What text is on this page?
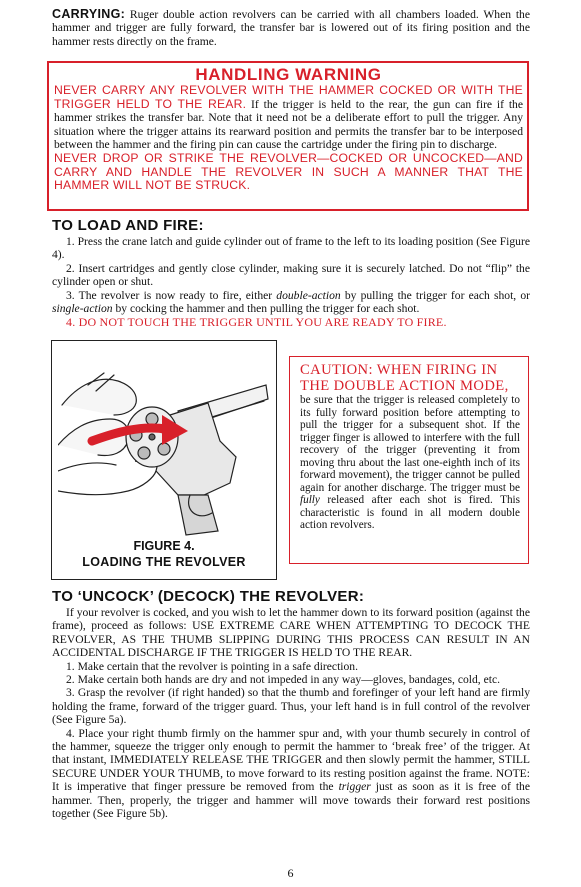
CARRYING: Ruger double action revolvers can be carried with all chambers loaded. When the hammer and trigger are fully forward, the transfer bar is lowered out of its firing position and the hammer rests directly on the frame.

HANDLING WARNING

NEVER CARRY ANY REVOLVER WITH THE HAMMER COCKED OR WITH THE TRIGGER HELD TO THE REAR. If the trigger is held to the rear, the gun can fire if the hammer strikes the transfer bar. Note that it need not be a deliberate effort to pull the trigger. Any situation where the trigger attains its rearward position and permits the transfer bar to be interposed between the hammer and the firing pin can cause the cartridge under the firing pin to discharge.

NEVER DROP OR STRIKE THE REVOLVER—COCKED OR UNCOCKED—AND CARRY AND HANDLE THE REVOLVER IN SUCH A MANNER THAT THE HAMMER WILL NOT BE STRUCK.

TO LOAD AND FIRE:

1. Press the crane latch and guide cylinder out of frame to the left to its loading position (See Figure 4).

2. Insert cartridges and gently close cylinder, making sure it is securely latched. Do not “flip” the cylinder open or shut.

3. The revolver is now ready to fire, either double-action by pulling the trigger for each shot, or single-action by cocking the hammer and then pulling the trigger for each shot.

4. DO NOT TOUCH THE TRIGGER UNTIL YOU ARE READY TO FIRE.

FIGURE 4.
LOADING THE REVOLVER
CAUTION: WHEN FIRING IN THE DOUBLE ACTION MODE,

be sure that the trigger is released completely to its fully forward position before attempting to pull the trigger for a subsequent shot. If the trigger finger is allowed to interfere with the full recovery of the trigger (preventing it from moving thru about the last one-eighth inch of its forward movement), the trigger cannot be pulled again for another discharge. The trigger must be fully released after each shot is fired. This characteristic is found in all modern double action revolvers.

TO ‘UNCOCK’ (DECOCK) THE REVOLVER:

If your revolver is cocked, and you wish to let the hammer down to its forward position (against the frame), proceed as follows: USE EXTREME CARE WHEN ATTEMPTING TO DECOCK THE REVOLVER, AS THE THUMB SLIPPING DURING THIS PROCESS CAN RESULT IN AN ACCIDENTAL DISCHARGE IF THE TRIGGER IS HELD TO THE REAR.

1. Make certain that the revolver is pointing in a safe direction.

2. Make certain both hands are dry and not impeded in any way—gloves, bandages, cold, etc.

3. Grasp the revolver (if right handed) so that the thumb and forefinger of your left hand are firmly holding the frame, forward of the trigger guard. Thus, your left hand is in full control of the revolver (See Figure 5a).

4. Place your right thumb firmly on the hammer spur and, with your thumb securely in control of the hammer, squeeze the trigger only enough to permit the hammer to ‘break free’ of the trigger. At that instant, IMMEDIATELY RELEASE THE TRIGGER and then slowly permit the hammer, STILL SECURE UNDER YOUR THUMB, to move forward to its resting position against the frame. NOTE: It is imperative that finger pressure be removed from the trigger just as soon as it is free of the hammer. Then, properly, the trigger and hammer will move towards their forward rest positions together (See Figure 5b).

6
